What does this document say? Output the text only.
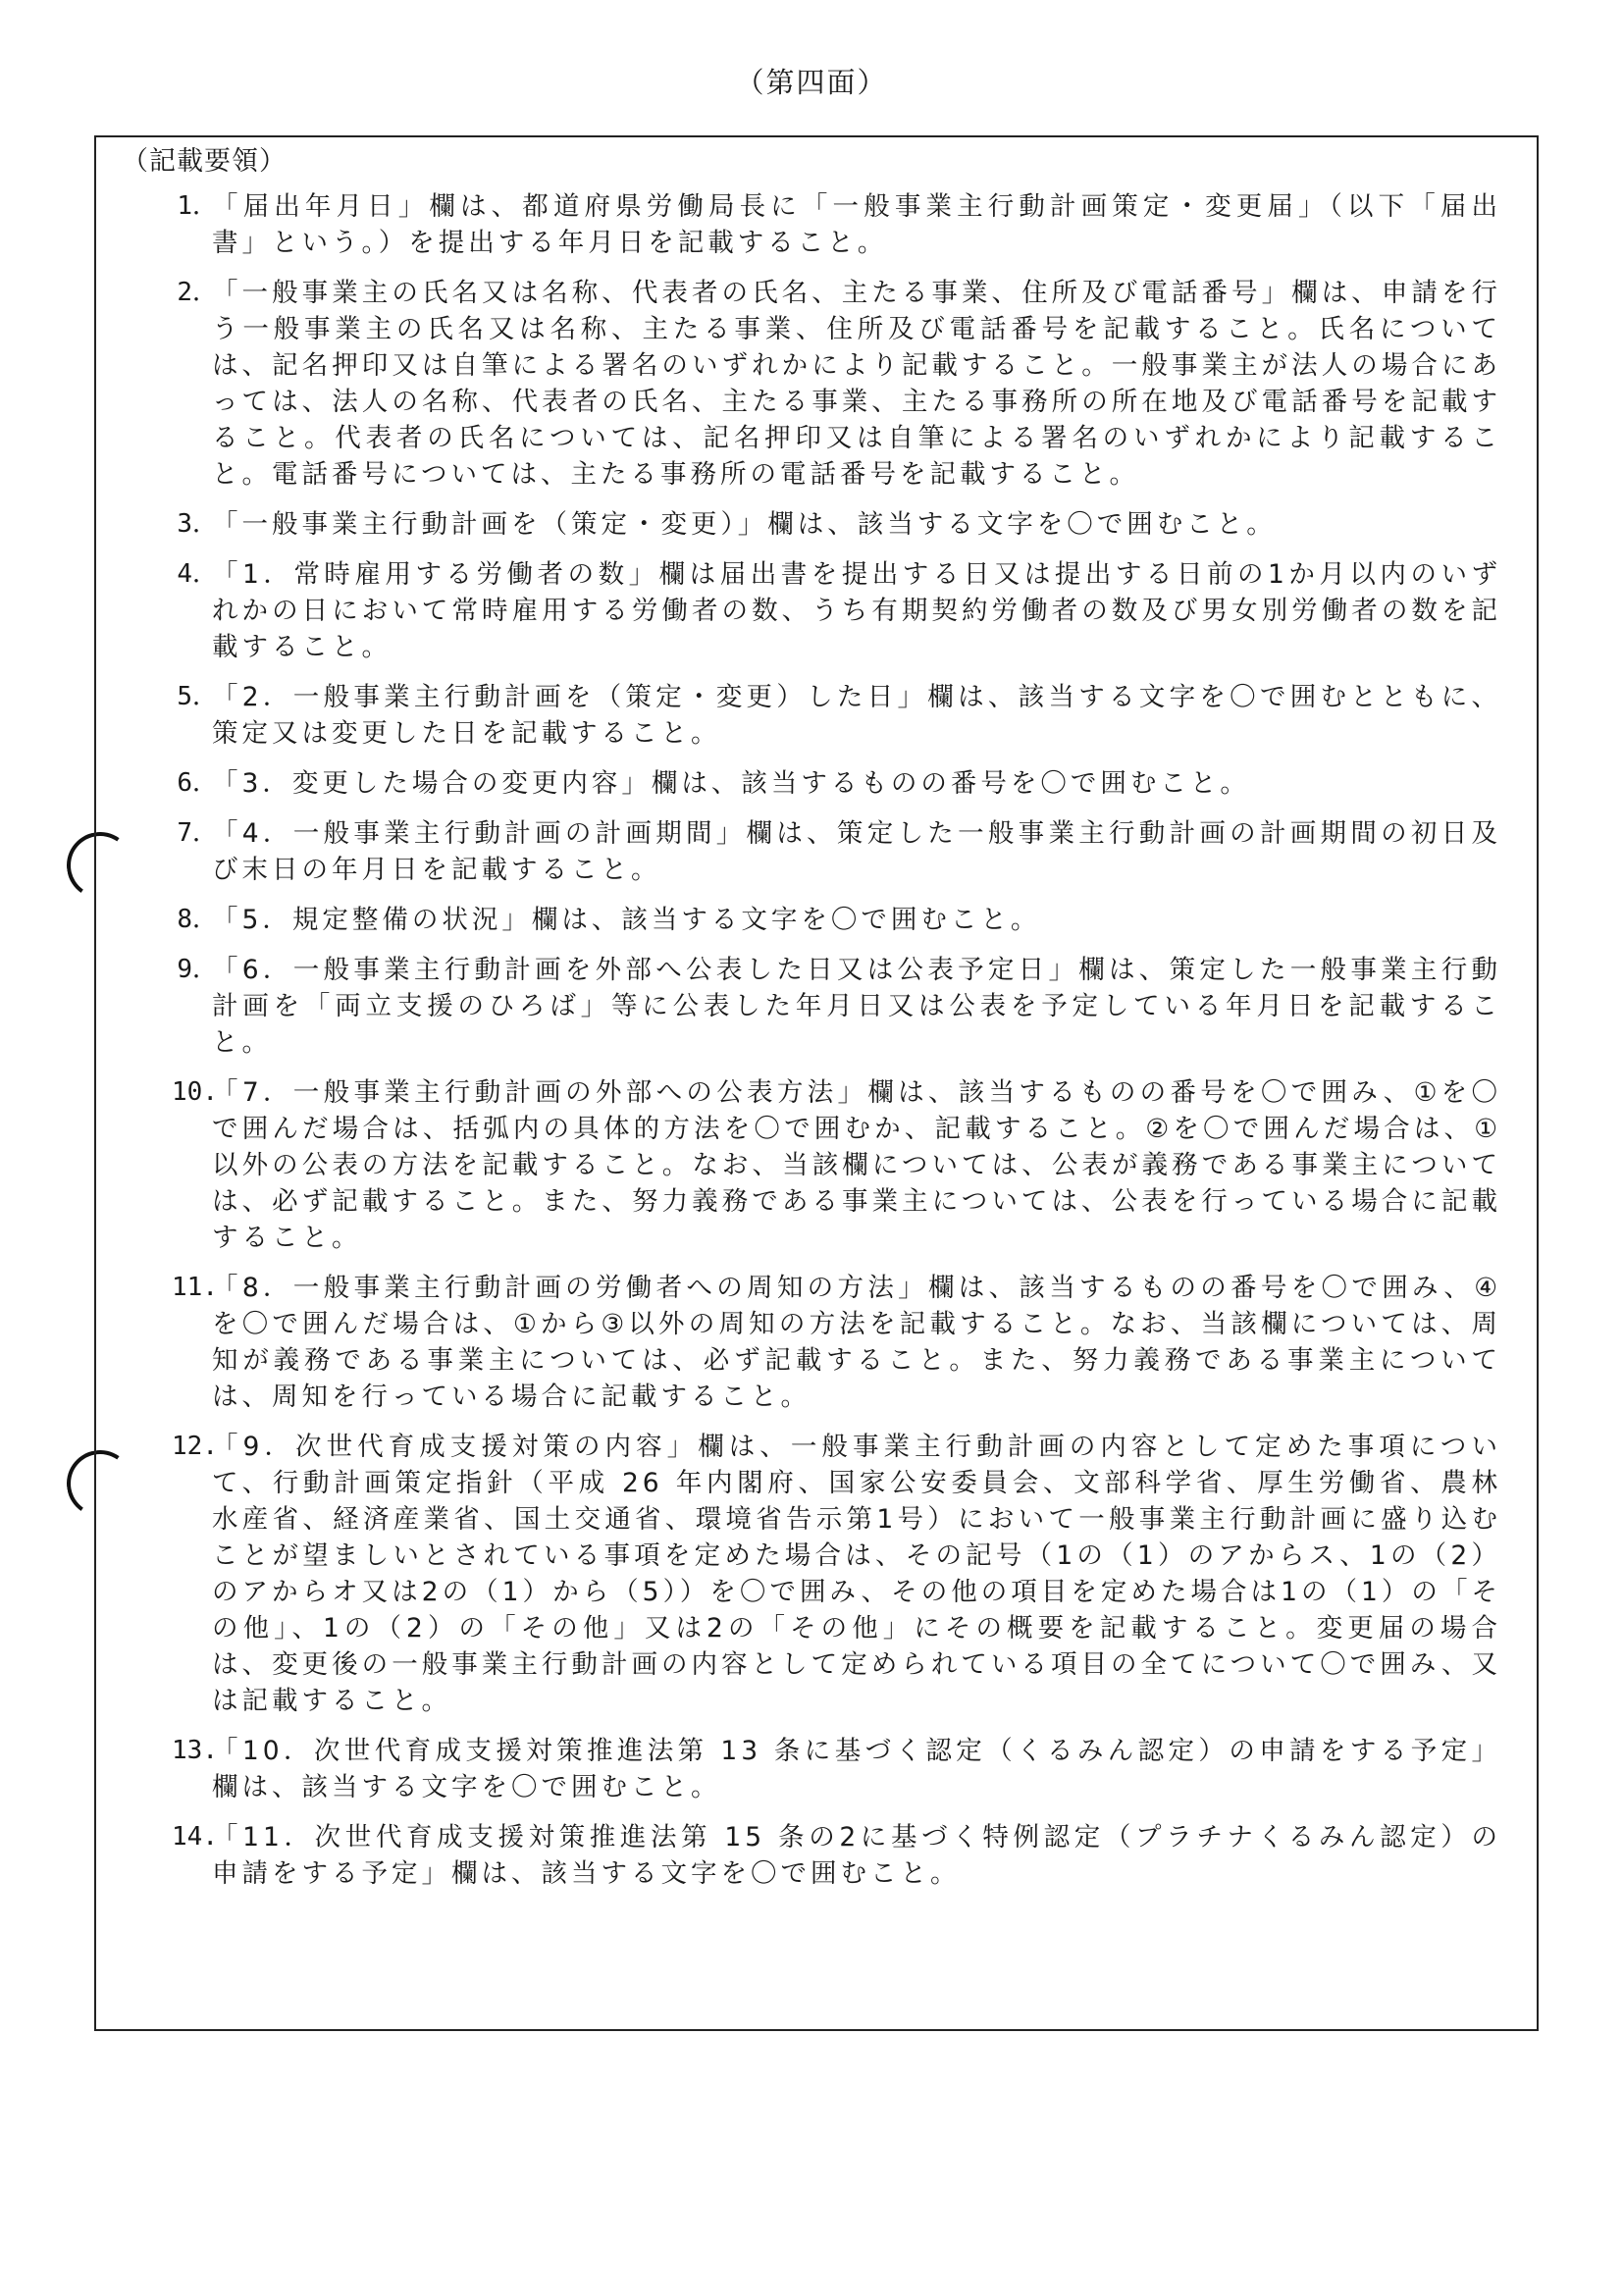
（第四面）
（記載要領）
1．
「届出年月日」欄は、都道府県労働局長に「一般事業主行動計画策定・変更届」（以下「届出書」という。）を提出する年月日を記載すること。
2．
「一般事業主の氏名又は名称、代表者の氏名、主たる事業、住所及び電話番号」欄は、申請を行う一般事業主の氏名又は名称、主たる事業、住所及び電話番号を記載すること。氏名については、記名押印又は自筆による署名のいずれかにより記載すること。一般事業主が法人の場合にあっては、法人の名称、代表者の氏名、主たる事業、主たる事務所の所在地及び電話番号を記載すること。代表者の氏名については、記名押印又は自筆による署名のいずれかにより記載すること。電話番号については、主たる事務所の電話番号を記載すること。
3．
「一般事業主行動計画を（策定・変更）」欄は、該当する文字を〇で囲むこと。
4．
「1．常時雇用する労働者の数」欄は届出書を提出する日又は提出する日前の1か月以内のいずれかの日において常時雇用する労働者の数、うち有期契約労働者の数及び男女別労働者の数を記載すること。
5．
「2．一般事業主行動計画を（策定・変更）した日」欄は、該当する文字を〇で囲むとともに、策定又は変更した日を記載すること。
6．
「3．変更した場合の変更内容」欄は、該当するものの番号を〇で囲むこと。
7．
「4．一般事業主行動計画の計画期間」欄は、策定した一般事業主行動計画の計画期間の初日及び末日の年月日を記載すること。
8．
「5．規定整備の状況」欄は、該当する文字を〇で囲むこと。
9．
「6．一般事業主行動計画を外部へ公表した日又は公表予定日」欄は、策定した一般事業主行動計画を「両立支援のひろば」等に公表した年月日又は公表を予定している年月日を記載すること。
10.
「7．一般事業主行動計画の外部への公表方法」欄は、該当するものの番号を〇で囲み、①を〇で囲んだ場合は、括弧内の具体的方法を〇で囲むか、記載すること。②を〇で囲んだ場合は、①以外の公表の方法を記載すること。なお、当該欄については、公表が義務である事業主については、必ず記載すること。また、努力義務である事業主については、公表を行っている場合に記載すること。
11.
「8．一般事業主行動計画の労働者への周知の方法」欄は、該当するものの番号を〇で囲み、④を〇で囲んだ場合は、①から③以外の周知の方法を記載すること。なお、当該欄については、周知が義務である事業主については、必ず記載すること。また、努力義務である事業主については、周知を行っている場合に記載すること。
12.
「9．次世代育成支援対策の内容」欄は、一般事業主行動計画の内容として定めた事項について、行動計画策定指針（平成 26 年内閣府、国家公安委員会、文部科学省、厚生労働省、農林水産省、経済産業省、国土交通省、環境省告示第1号）において一般事業主行動計画に盛り込むことが望ましいとされている事項を定めた場合は、その記号（1の（1）のアからス、1の（2）のアからオ又は2の（1）から（5））を〇で囲み、その他の項目を定めた場合は1の（1）の「その他」、1の（2）の「その他」又は2の「その他」にその概要を記載すること。変更届の場合は、変更後の一般事業主行動計画の内容として定められている項目の全てについて〇で囲み、又は記載すること。
13.
「10．次世代育成支援対策推進法第 13 条に基づく認定（くるみん認定）の申請をする予定」欄は、該当する文字を〇で囲むこと。
14.
「11．次世代育成支援対策推進法第 15 条の2に基づく特例認定（プラチナくるみん認定）の申請をする予定」欄は、該当する文字を〇で囲むこと。
